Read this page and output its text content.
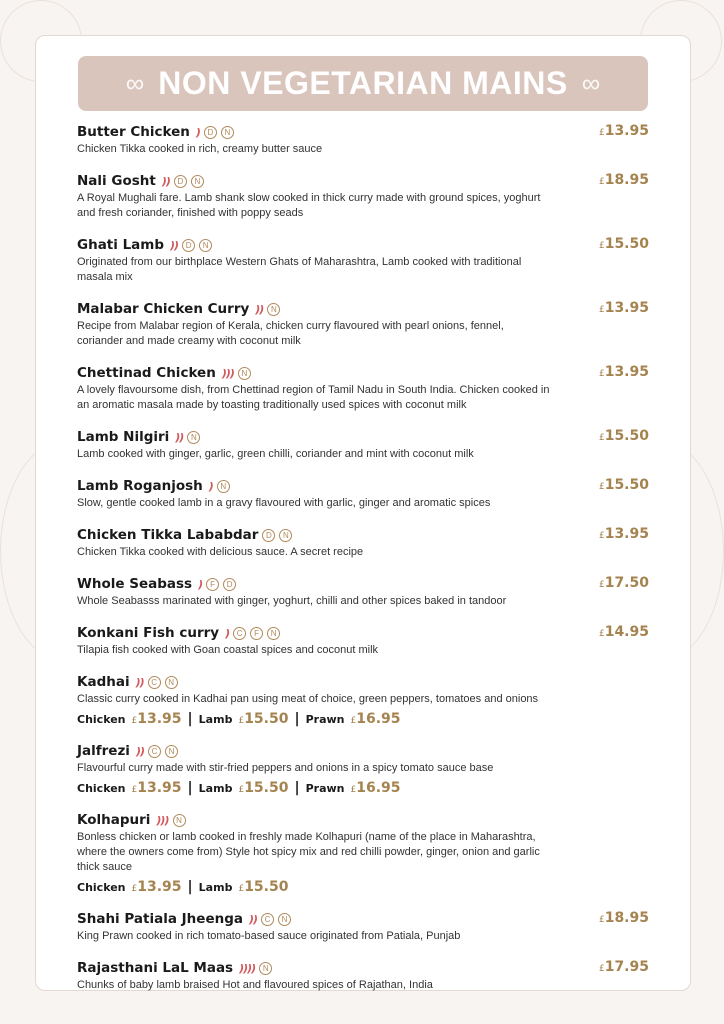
∞ NON VEGETARIAN MAINS ∞
Butter Chicken ) D	N
Chicken Tikka cooked in rich, creamy butter sauce
£13.95
Nali Gosht )) D	N
A Royal Mughali fare. Lamb shank slow cooked in thick curry made with ground spices, yoghurt and fresh coriander, finished with poppy seads
£18.95
Ghati Lamb )) D	N
Originated from our birthplace Western Ghats of Maharashtra, Lamb cooked with traditional masala mix
£15.50
Malabar Chicken Curry )) N
Recipe from Malabar region of Kerala, chicken curry flavoured with pearl onions, fennel, coriander and made creamy with coconut milk
£13.95
Chettinad Chicken ))) N
A lovely flavoursome dish, from Chettinad region of Tamil Nadu in South India. Chicken cooked in an aromatic masala made by toasting traditionally used spices with coconut milk
£13.95
Lamb Nilgiri )) N
Lamb cooked with ginger, garlic, green chilli, coriander and mint with coconut milk
£15.50
Lamb Roganjosh ) N
Slow, gentle cooked lamb in a gravy flavoured with garlic, ginger and aromatic spices
£15.50
Chicken Tikka Lababdar D	N
Chicken Tikka cooked with delicious sauce. A secret recipe
£13.95
Whole Seabass )	F	D
Whole Seabasss marinated with ginger, yoghurt, chilli and other spices baked in tandoor
£17.50
Konkani Fish curry ) C	F	N
Tilapia fish cooked with Goan coastal spices and coconut milk
£14.95
Kadhai )) C	N
Classic curry cooked in Kadhai pan using meat of choice, green peppers, tomatoes and onions
Chicken £13.95 | Lamb £15.50 | Prawn £16.95
Jalfrezi )) C	N
Flavourful curry made with stir-fried peppers and onions in a spicy tomato sauce base
Chicken £13.95 | Lamb £15.50 | Prawn £16.95
Kolhapuri ))) N
Bonless chicken or lamb cooked in freshly made Kolhapuri (name of the place in Maharashtra, where the owners come from) Style hot spicy mix and red chilli powder, ginger, onion and garlic thick sauce
Chicken £13.95 | Lamb £15.50
Shahi Patiala Jheenga )) C	N
King Prawn cooked in rich tomato-based sauce originated from Patiala, Punjab
£18.95
Rajasthani LaL Maas )))) N
Chunks of baby lamb braised Hot and flavoured spices of Rajathan, India
£17.95
